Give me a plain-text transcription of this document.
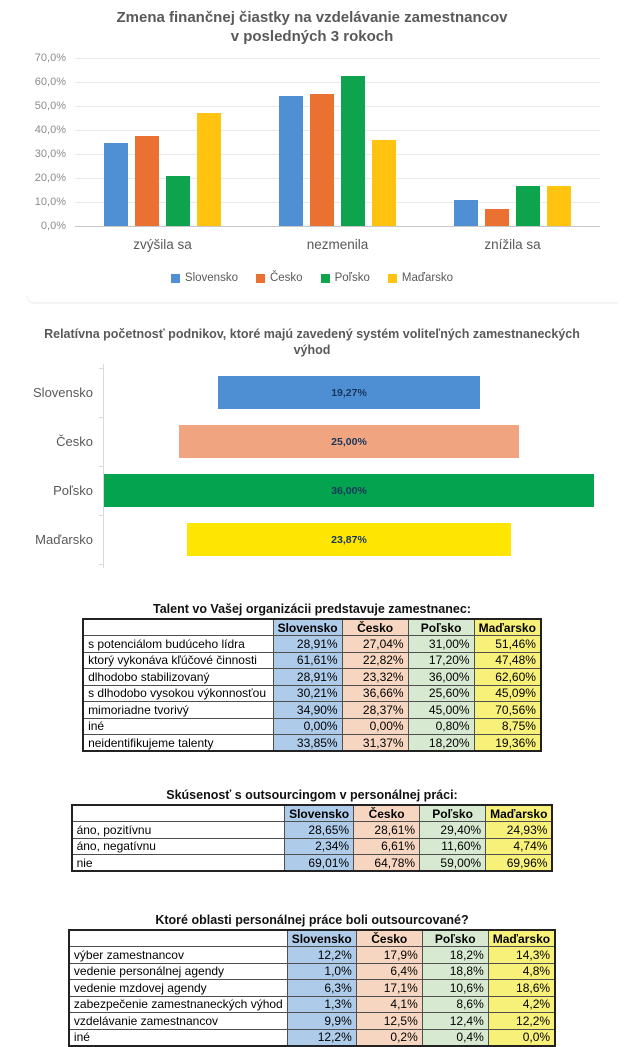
Zmena finančnej čiastky na vzdelávanie zamestnancov
v posledných 3 rokoch
70,0%
60,0%
50,0%
40,0%
30,0%
20,0%
10,0%
0,0%
zvýšila sa	nezmenila	znížila sa
Slovensko	Česko	Poľsko	Maďarsko
Relatívna početnosť podnikov, ktoré majú zavedený systém voliteľných zamestnaneckých
výhod
Slovensko
Česko
Poľsko
Maďarsko
19,27%
25,00%
36,00%
23,87%
Talent vo Vašej organizácii predstavuje zamestnanec:
	Slovensko	Česko	Poľsko	Maďarsko
s potenciálom budúceho lídra	28,91%	27,04%	31,00%	51,46%
ktorý vykonáva kľúčové činnosti	61,61%	22,82%	17,20%	47,48%
dlhodobo stabilizovaný	28,91%	23,32%	36,00%	62,60%
s dlhodobo vysokou výkonnosťou	30,21%	36,66%	25,60%	45,09%
mimoriadne tvorivý	34,90%	28,37%	45,00%	70,56%
iné	0,00%	0,00%	0,80%	8,75%
neidentifikujeme talenty	33,85%	31,37%	18,20%	19,36%
Skúsenosť s outsourcingom v personálnej práci:
	Slovensko	Česko	Poľsko	Maďarsko
áno, pozitívnu	28,65%	28,61%	29,40%	24,93%
áno, negatívnu	2,34%	6,61%	11,60%	4,74%
nie	69,01%	64,78%	59,00%	69,96%
Ktoré oblasti personálnej práce boli outsourcované?
	Slovensko	Česko	Poľsko	Maďarsko
výber zamestnancov	12,2%	17,9%	18,2%	14,3%
vedenie personálnej agendy	1,0%	6,4%	18,8%	4,8%
vedenie mzdovej agendy	6,3%	17,1%	10,6%	18,6%
zabezpečenie zamestnaneckých výhod	1,3%	4,1%	8,6%	4,2%
vzdelávanie zamestnancov	9,9%	12,5%	12,4%	12,2%
iné	12,2%	0,2%	0,4%	0,0%
